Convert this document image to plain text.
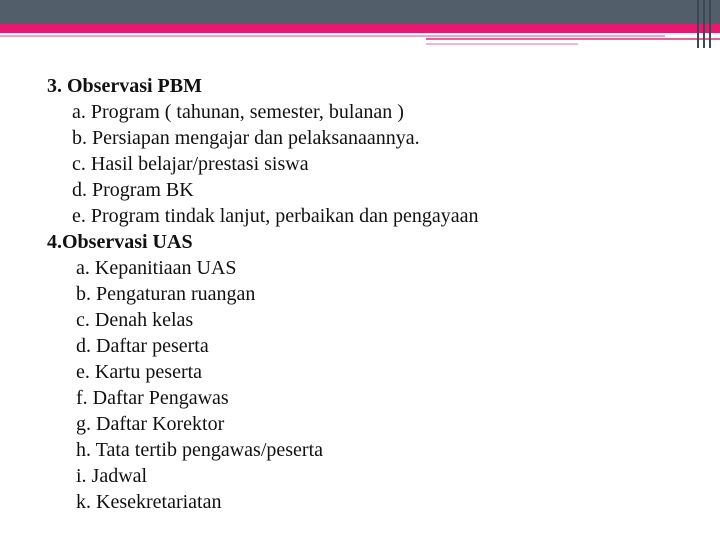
3. Observasi PBM
a. Program ( tahunan, semester, bulanan )
b. Persiapan mengajar dan pelaksanaannya.
c. Hasil belajar/prestasi siswa
d. Program BK
e. Program tindak lanjut, perbaikan dan pengayaan
4.Observasi UAS
a. Kepanitiaan UAS
b. Pengaturan ruangan
c. Denah kelas
d. Daftar peserta
e. Kartu peserta
f. Daftar Pengawas
g. Daftar Korektor
h. Tata tertib pengawas/peserta
i. Jadwal
k. Kesekretariatan
